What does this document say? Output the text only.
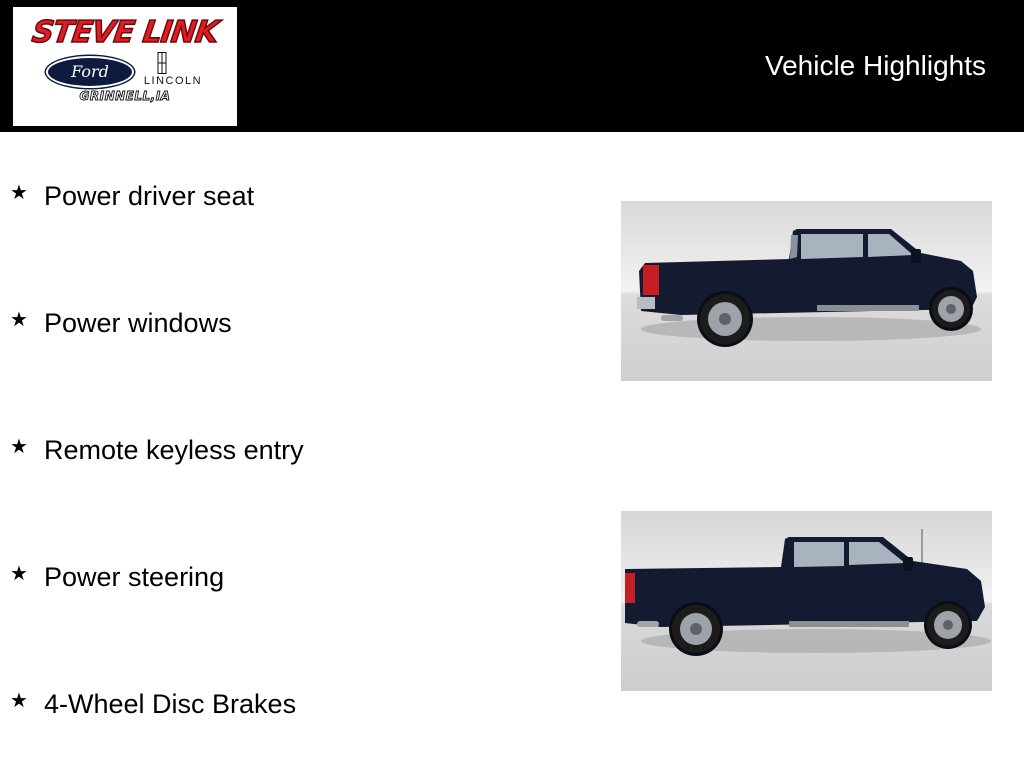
STEVE LINK
Ford	LINCOLN
GRINNELL,IA
Vehicle Highlights
★ Power driver seat
★ Power windows
★ Remote keyless entry
★ Power steering
★ 4-Wheel Disc Brakes
